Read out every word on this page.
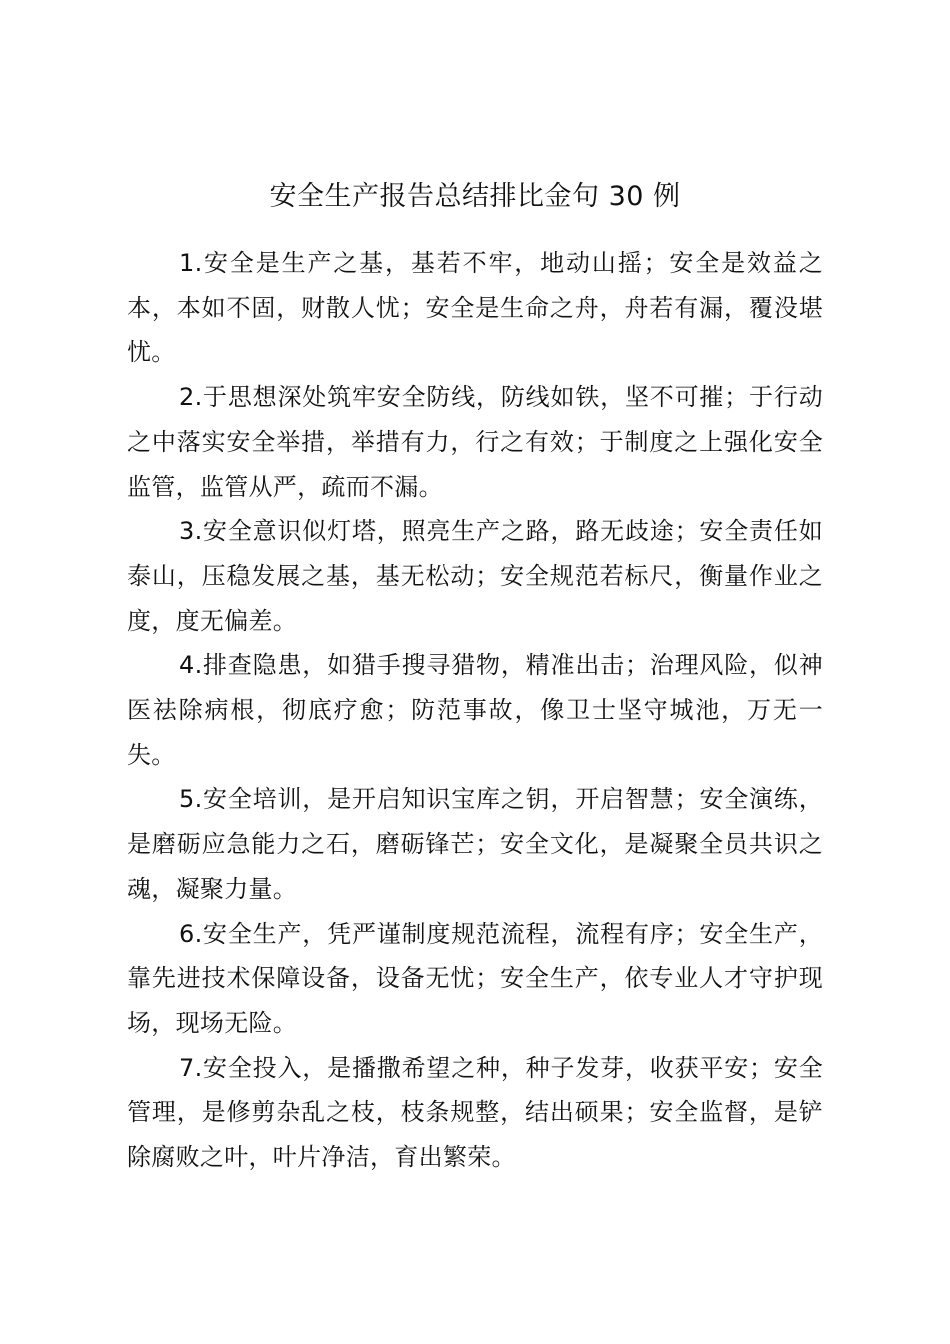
安全生产报告总结排比金句 30 例

1.安全是生产之基，基若不牢，地动山摇；安全是效益之本，本如不固，财散人忧；安全是生命之舟，舟若有漏，覆没堪忧。

2.于思想深处筑牢安全防线，防线如铁，坚不可摧；于行动之中落实安全举措，举措有力，行之有效；于制度之上强化安全监管，监管从严，疏而不漏。

3.安全意识似灯塔，照亮生产之路，路无歧途；安全责任如泰山，压稳发展之基，基无松动；安全规范若标尺，衡量作业之度，度无偏差。

4.排查隐患，如猎手搜寻猎物，精准出击；治理风险，似神医祛除病根，彻底疗愈；防范事故，像卫士坚守城池，万无一失。

5.安全培训，是开启知识宝库之钥，开启智慧；安全演练，是磨砺应急能力之石，磨砺锋芒；安全文化，是凝聚全员共识之魂，凝聚力量。

6.安全生产，凭严谨制度规范流程，流程有序；安全生产，靠先进技术保障设备，设备无忧；安全生产，依专业人才守护现场，现场无险。

7.安全投入，是播撒希望之种，种子发芽，收获平安；安全管理，是修剪杂乱之枝，枝条规整，结出硕果；安全监督，是铲除腐败之叶，叶片净洁，育出繁荣。
